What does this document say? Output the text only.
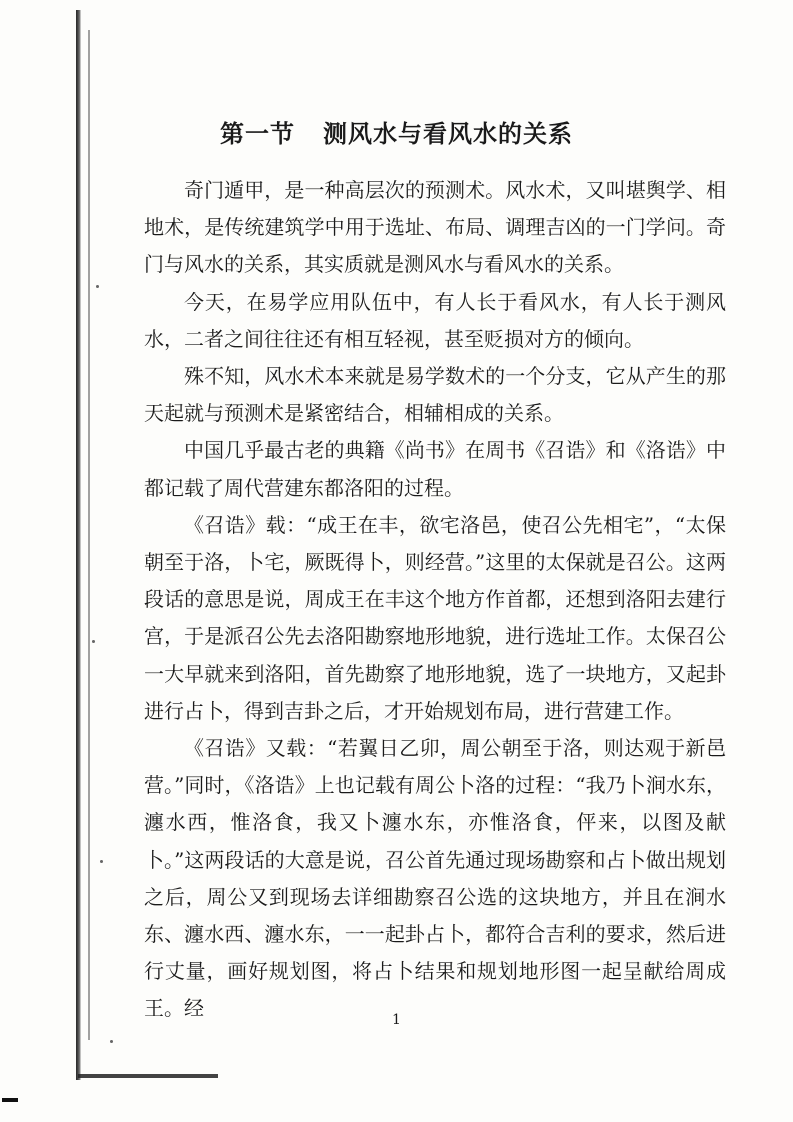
第一节   测风水与看风水的关系

奇门遁甲，是一种高层次的预测术。风水术，又叫堪舆学、相地术，是传统建筑学中用于选址、布局、调理吉凶的一门学问。奇门与风水的关系，其实质就是测风水与看风水的关系。

今天，在易学应用队伍中，有人长于看风水，有人长于测风水，二者之间往往还有相互轻视，甚至贬损对方的倾向。

殊不知，风水术本来就是易学数术的一个分支，它从产生的那天起就与预测术是紧密结合，相辅相成的关系。

中国几乎最古老的典籍《尚书》在周书《召诰》和《洛诰》中都记载了周代营建东都洛阳的过程。

《召诰》载：“成王在丰，欲宅洛邑，使召公先相宅”，“太保朝至于洛，卜宅，厥既得卜，则经营。”这里的太保就是召公。这两段话的意思是说，周成王在丰这个地方作首都，还想到洛阳去建行宫，于是派召公先去洛阳勘察地形地貌，进行选址工作。太保召公一大早就来到洛阳，首先勘察了地形地貌，选了一块地方，又起卦进行占卜，得到吉卦之后，才开始规划布局，进行营建工作。

《召诰》又载：“若翼日乙卯，周公朝至于洛，则达观于新邑营。”同时，《洛诰》上也记载有周公卜洛的过程：“我乃卜涧水东，瀍水西，惟洛食，我又卜瀍水东，亦惟洛食，伻来，以图及献卜。”这两段话的大意是说，召公首先通过现场勘察和占卜做出规划之后，周公又到现场去详细勘察召公选的这块地方，并且在涧水东、瀍水西、瀍水东，一一起卦占卜，都符合吉利的要求，然后进行丈量，画好规划图，将占卜结果和规划地形图一起呈献给周成王。经	1
